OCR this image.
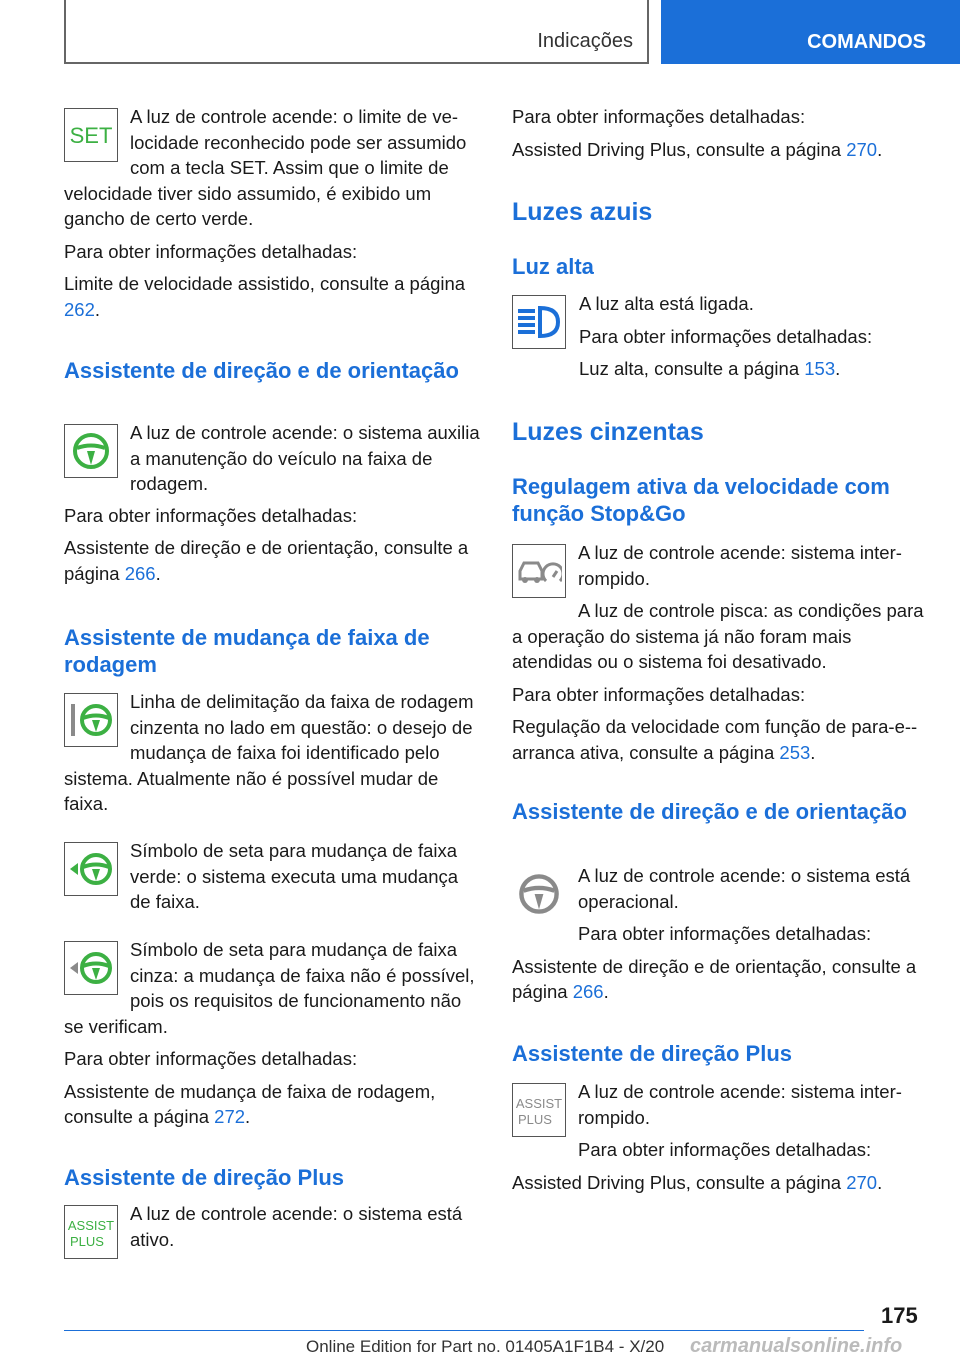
Indicações	COMANDOS
SET

A luz de controle acende: o limite de velocidade reconhecido pode ser assumido com a tecla SET. Assim que o limite de velocidade tiver sido assumido, é exibido um gancho de certo verde.

Para obter informações detalhadas:

Limite de velocidade assistido, consulte a página 262.

Assistente de direção e de orientação

A luz de controle acende: o sistema auxilia a manutenção do veículo na faixa de rodagem.

Para obter informações detalhadas:

Assistente de direção e de orientação, consulte a página 266.

Assistente de mudança de faixa de rodagem

Linha de delimitação da faixa de rodagem cinzenta no lado em questão: o desejo de mudança de faixa foi identificado pelo sistema. Atualmente não é possível mudar de faixa.

Símbolo de seta para mudança de faixa verde: o sistema executa uma mudança de faixa.

Símbolo de seta para mudança de faixa cinza: a mudança de faixa não é possível, pois os requisitos de funcionamento não se verificam.

Para obter informações detalhadas:

Assistente de mudança de faixa de rodagem, consulte a página 272.

Assistente de direção Plus
ASSIST
PLUS

A luz de controle acende: o sistema está ativo.

Para obter informações detalhadas:

Assisted Driving Plus, consulte a página 270.

Luzes azuis
Luz alta

A luz alta está ligada.

Para obter informações detalhadas:

Luz alta, consulte a página 153.

Luzes cinzentas
Regulagem ativa da velocidade com função Stop&Go

A luz de controle acende: sistema interrompido.

A luz de controle pisca: as condições para a operação do sistema já não foram mais atendidas ou o sistema foi desativado.

Para obter informações detalhadas:

Regulação da velocidade com função de para-e--arranca ativa, consulte a página 253.

Assistente de direção e de orientação

A luz de controle acende: o sistema está operacional.

Para obter informações detalhadas:

Assistente de direção e de orientação, consulte a página 266.

Assistente de direção Plus
ASSIST
PLUS

A luz de controle acende: sistema interrompido.

Para obter informações detalhadas:

Assisted Driving Plus, consulte a página 270.

175
Online Edition for Part no. 01405A1F1B4 - X/20 carmanualsonline.info
